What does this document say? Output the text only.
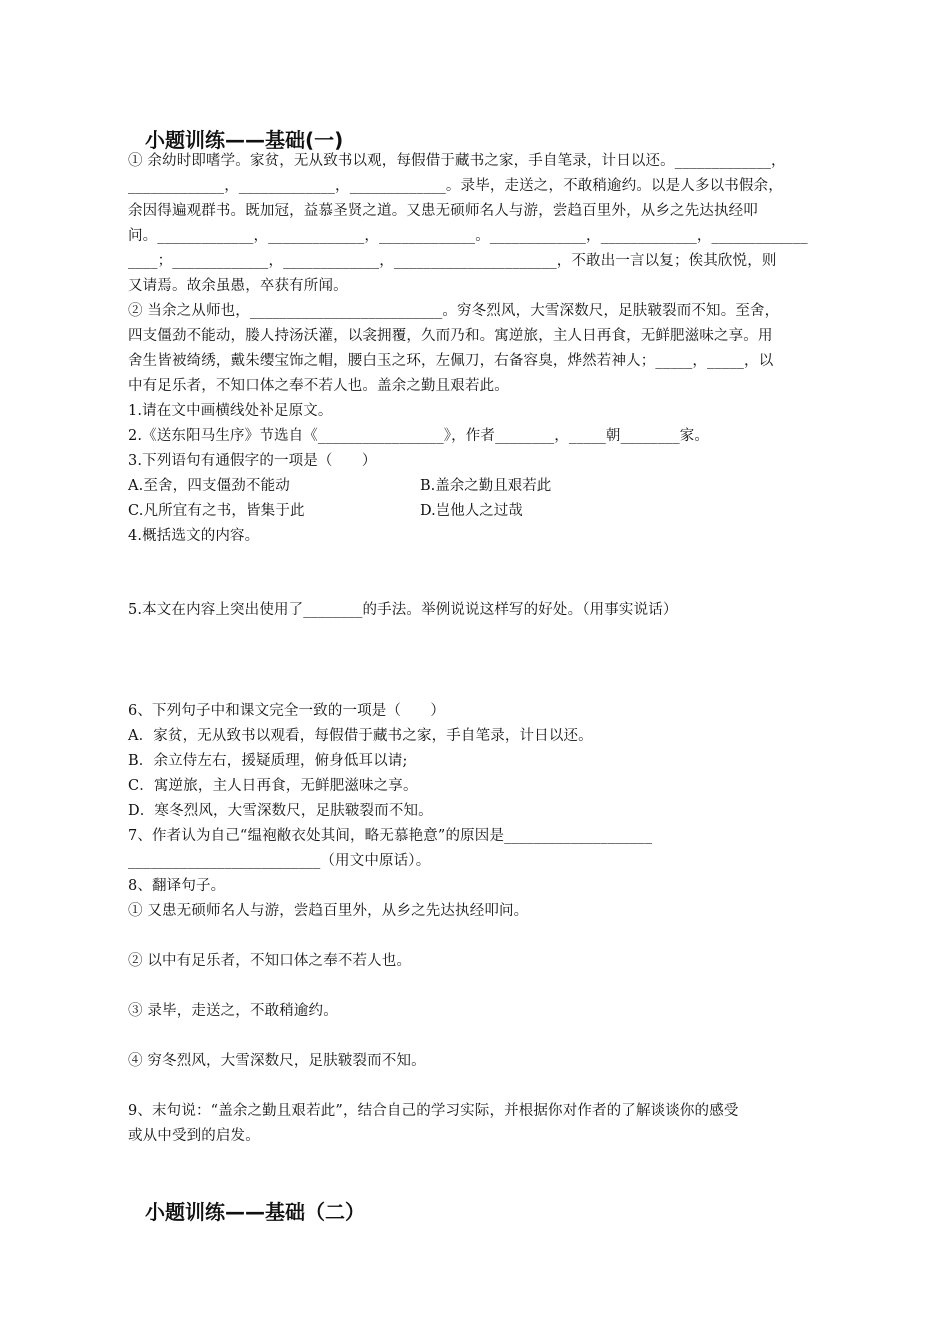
小题训练——基础(一)
① 余幼时即嗜学。家贫，无从致书以观，每假借于藏书之家，手自笔录，计日以还。_____________，
_____________，_____________，_____________。录毕，走送之，不敢稍逾约。以是人多以书假余，
余因得遍观群书。既加冠，益慕圣贤之道。又患无硕师名人与游，尝趋百里外，从乡之先达执经叩
问。_____________，_____________，_____________。_____________，_____________，_____________
____；_____________，_____________，______________________，不敢出一言以复；俟其欣悦，则
又请焉。故余虽愚，卒获有所闻。
② 当余之从师也，__________________________。穷冬烈风，大雪深数尺，足肤皲裂而不知。至舍，
四支僵劲不能动，媵人持汤沃灌，以衾拥覆，久而乃和。寓逆旅，主人日再食，无鲜肥滋味之享。用
舍生皆被绮绣，戴朱缨宝饰之帽，腰白玉之环，左佩刀，右备容臭，烨然若神人；_____，_____，以
中有足乐者，不知口体之奉不若人也。盖余之勤且艰若此。
1.请在文中画横线处补足原文。
2.《送东阳马生序》节选自《_________________》，作者________，_____朝________家。
3.下列语句有通假字的一项是（　　）
A.至舍，四支僵劲不能动	B.盖余之勤且艰若此
C.凡所宜有之书，皆集于此	D.岂他人之过哉
4.概括选文的内容。
5.本文在内容上突出使用了________的手法。举例说说这样写的好处。（用事实说话）
6、下列句子中和课文完全一致的一项是（　　）
A．家贫，无从致书以观看，每假借于藏书之家，手自笔录，计日以还。
B．余立侍左右，援疑质理，俯身低耳以请;
C．寓逆旅，主人日再食，无鲜肥滋味之享。
D．寒冬烈风，大雪深数尺，足肤皲裂而不知。
7、作者认为自己“缊袍敝衣处其间，略无慕艳意”的原因是____________________
__________________________（用文中原话）。
8、翻译句子。
① 又患无硕师名人与游，尝趋百里外，从乡之先达执经叩问。
② 以中有足乐者，不知口体之奉不若人也。
③ 录毕，走送之，不敢稍逾约。
④ 穷冬烈风，大雪深数尺，足肤皲裂而不知。
9、末句说：“盖余之勤且艰若此”，结合自己的学习实际，并根据你对作者的了解谈谈你的感受
或从中受到的启发。
小题训练——基础（二）
